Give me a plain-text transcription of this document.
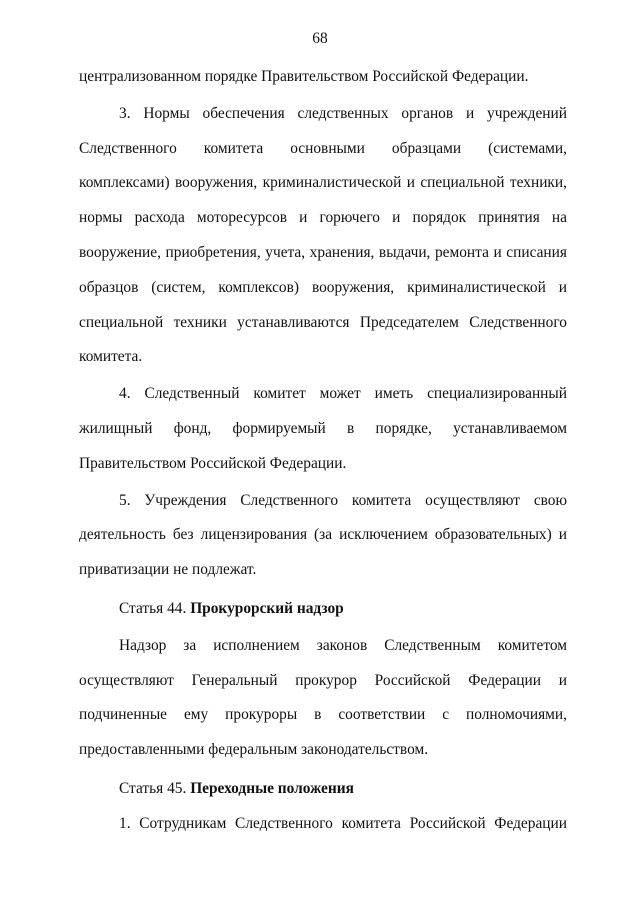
68

централизованном порядке Правительством Российской Федерации.

3. Нормы обеспечения следственных органов и учреждений Следственного комитета основными образцами (системами, комплексами) вооружения, криминалистической и специальной техники, нормы расхода моторесурсов и горючего и порядок принятия на вооружение, приобретения, учета, хранения, выдачи, ремонта и списания образцов (систем, комплексов) вооружения, криминалистической и специальной техники устанавливаются Председателем Следственного комитета.

4. Следственный комитет может иметь специализированный жилищный фонд, формируемый в порядке, устанавливаемом Правительством Российской Федерации.

5. Учреждения Следственного комитета осуществляют свою деятельность без лицензирования (за исключением образовательных) и приватизации не подлежат.

Статья 44. Прокурорский надзор

Надзор за исполнением законов Следственным комитетом осуществляют Генеральный прокурор Российской Федерации и подчиненные ему прокуроры в соответствии с полномочиями, предоставленными федеральным законодательством.

Статья 45. Переходные положения

1. Сотрудникам Следственного комитета Российской Федерации
